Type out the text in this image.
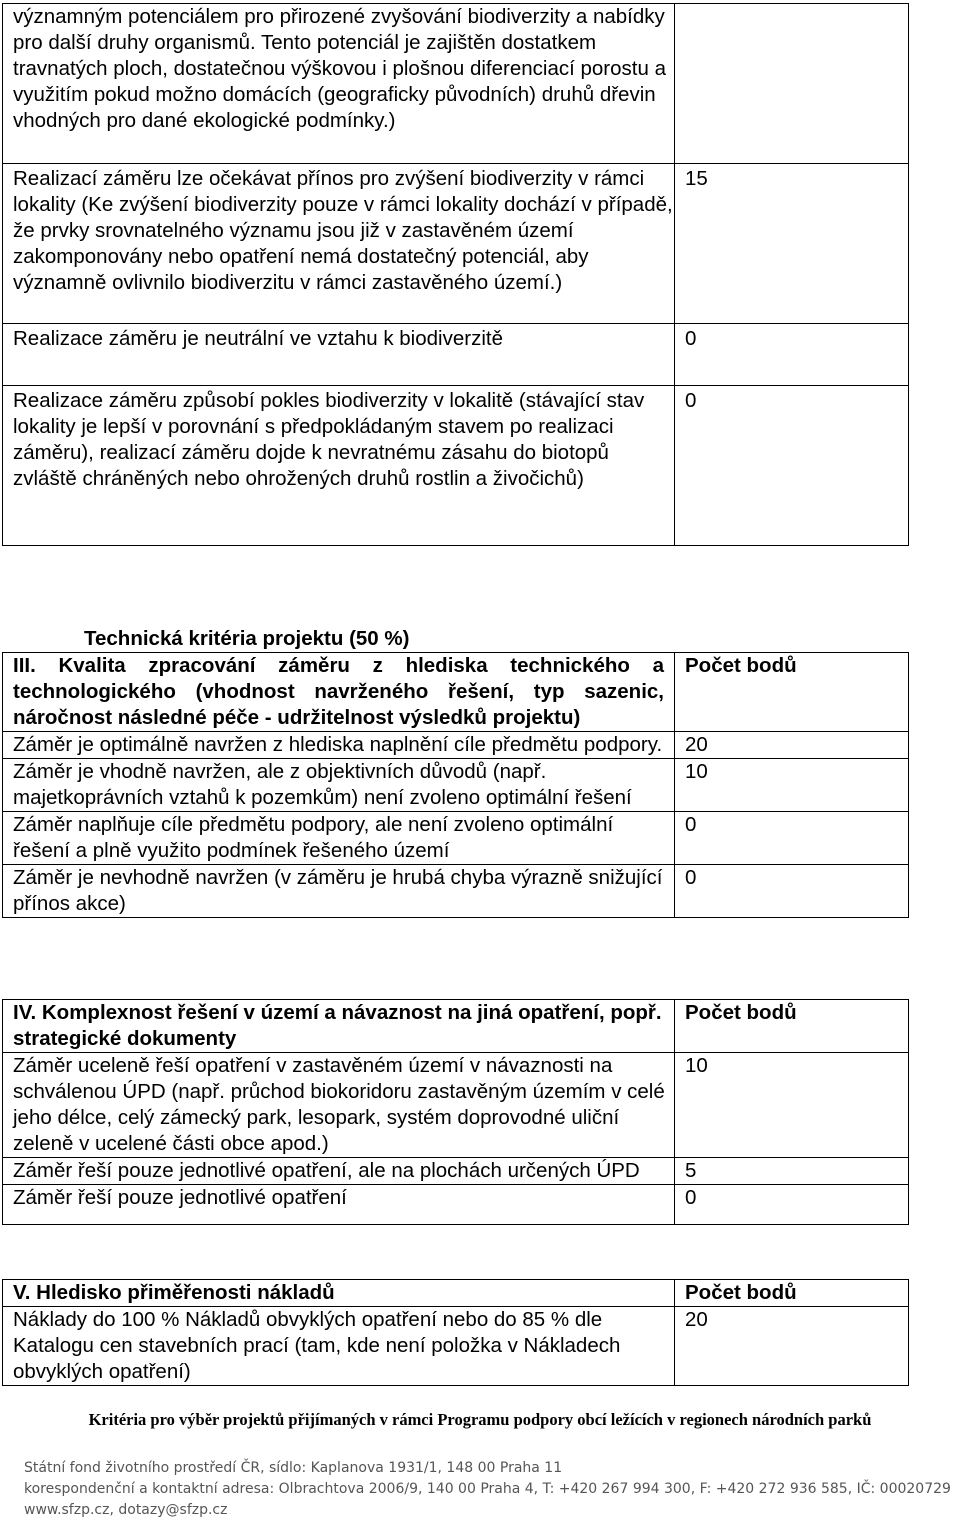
významným potenciálem pro přirozené zvyšování biodiverzity a nabídky pro další druhy organismů. Tento potenciál je zajištěn dostatkem travnatých ploch, dostatečnou výškovou i plošnou diferenciací porostu a využitím pokud možno domácích (geograficky původních) druhů dřevin vhodných pro dané ekologické podmínky.)	
Realizací záměru lze očekávat přínos pro zvýšení biodiverzity v rámci lokality (Ke zvýšení biodiverzity pouze v rámci lokality dochází v případě, že prvky srovnatelného významu jsou již v zastavěném území zakomponovány nebo opatření nemá dostatečný potenciál, aby významně ovlivnilo biodiverzitu v rámci zastavěného území.)	15
Realizace záměru je neutrální ve vztahu k biodiverzitě	0
Realizace záměru způsobí pokles biodiverzity v lokalitě (stávající stav lokality je lepší v porovnání s předpokládaným stavem po realizaci záměru), realizací záměru dojde k nevratnému zásahu do biotopů zvláště chráněných nebo ohrožených druhů rostlin a živočichů)	0
Technická kritéria projektu (50 %)
III. Kvalita zpracování záměru z hlediska technického a technologického (vhodnost navrženého řešení, typ sazenic, náročnost následné péče - udržitelnost výsledků projektu)	Počet bodů
Záměr je optimálně navržen z hlediska naplnění cíle předmětu podpory.	20
Záměr je vhodně navržen, ale z objektivních důvodů (např. majetkoprávních vztahů k pozemkům) není zvoleno optimální řešení	10
Záměr naplňuje cíle předmětu podpory, ale není zvoleno optimální řešení a plně využito podmínek řešeného území	0
Záměr je nevhodně navržen (v záměru je hrubá chyba výrazně snižující přínos akce)	0
IV. Komplexnost řešení v území a návaznost na jiná opatření, popř. strategické dokumenty	Počet bodů
Záměr uceleně řeší opatření v zastavěném území v návaznosti na schválenou ÚPD (např. průchod biokoridoru zastavěným územím v celé jeho délce, celý zámecký park, lesopark, systém doprovodné uliční zeleně v ucelené části obce apod.)	10
Záměr řeší pouze jednotlivé opatření, ale na plochách určených ÚPD	5
Záměr řeší pouze jednotlivé opatření	0
V. Hledisko přiměřenosti nákladů	Počet bodů
Náklady do 100 % Nákladů obvyklých opatření nebo do 85 % dle Katalogu cen stavebních prací (tam, kde není položka v Nákladech obvyklých opatření)	20
Kritéria pro výběr projektů přijímaných v rámci Programu podpory obcí ležících v regionech národních parků
Státní fond životního prostředí ČR, sídlo: Kaplanova 1931/1, 148 00 Praha 11
korespondenční a kontaktní adresa: Olbrachtova 2006/9, 140 00 Praha 4, T: +420 267 994 300, F: +420 272 936 585, IČ: 00020729
www.sfzp.cz, dotazy@sfzp.cz
